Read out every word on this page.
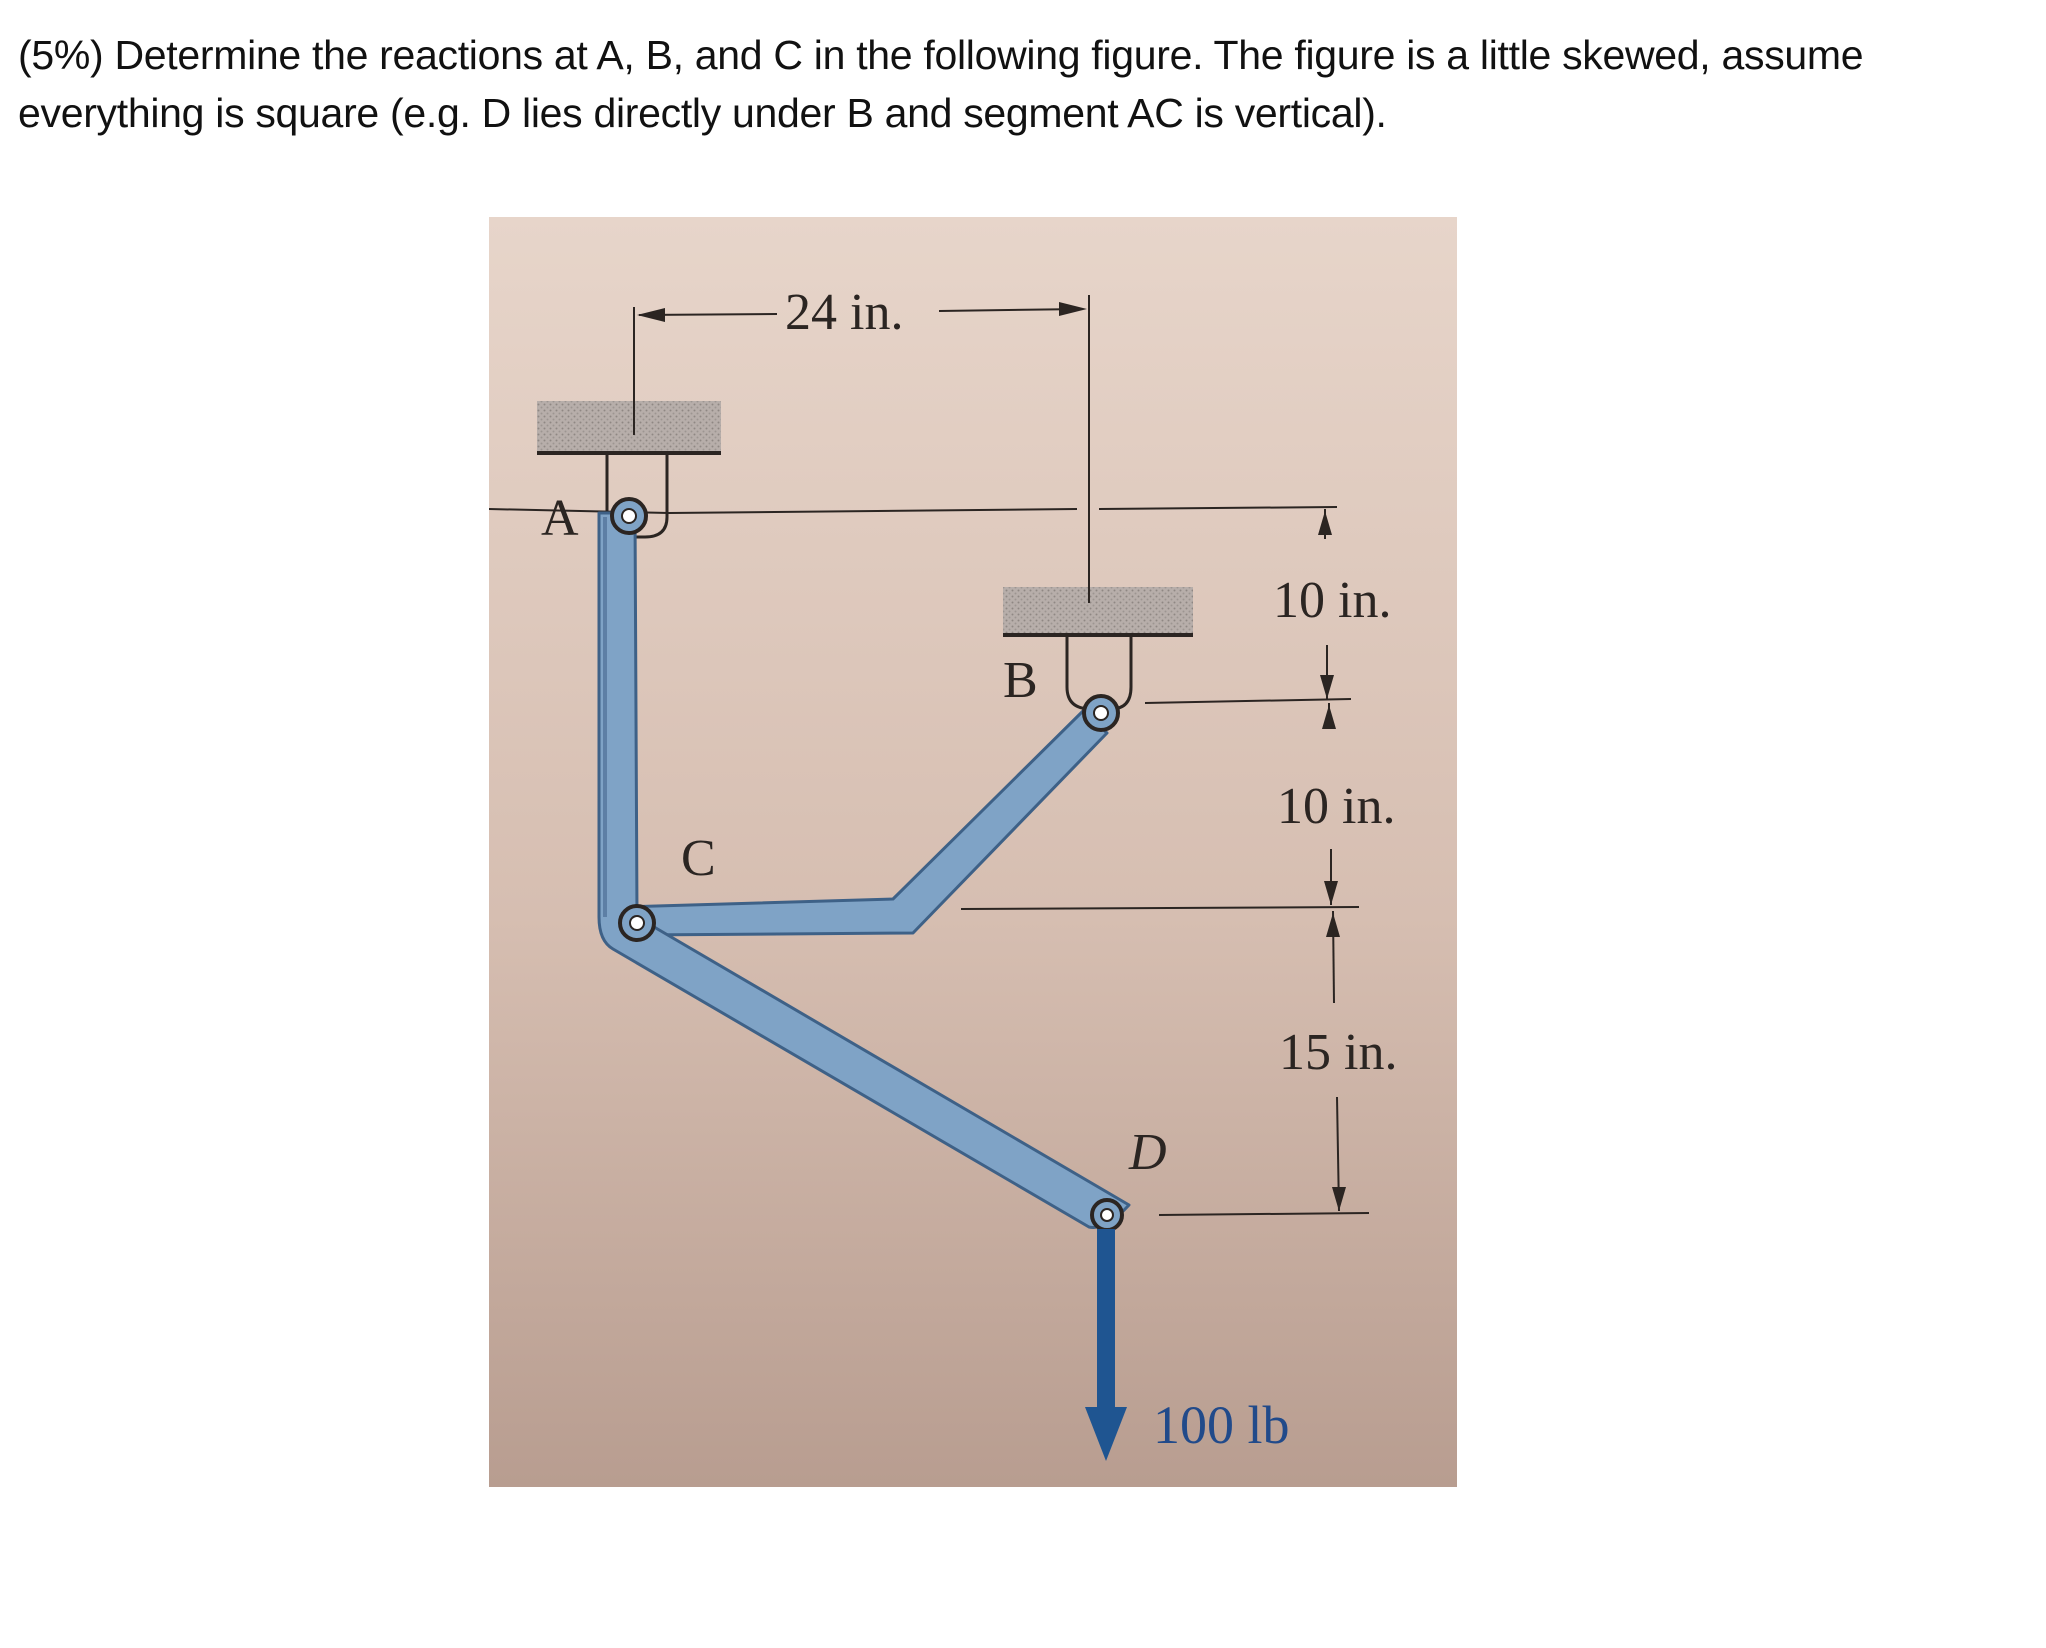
(5%) Determine the reactions at A, B, and C in the following figure. The figure is a little skewed, assume
everything is square (e.g. D lies directly under B and segment AC is vertical).
A
B
C
D
24 in.
10 in.
10 in.
15 in.
100 lb
